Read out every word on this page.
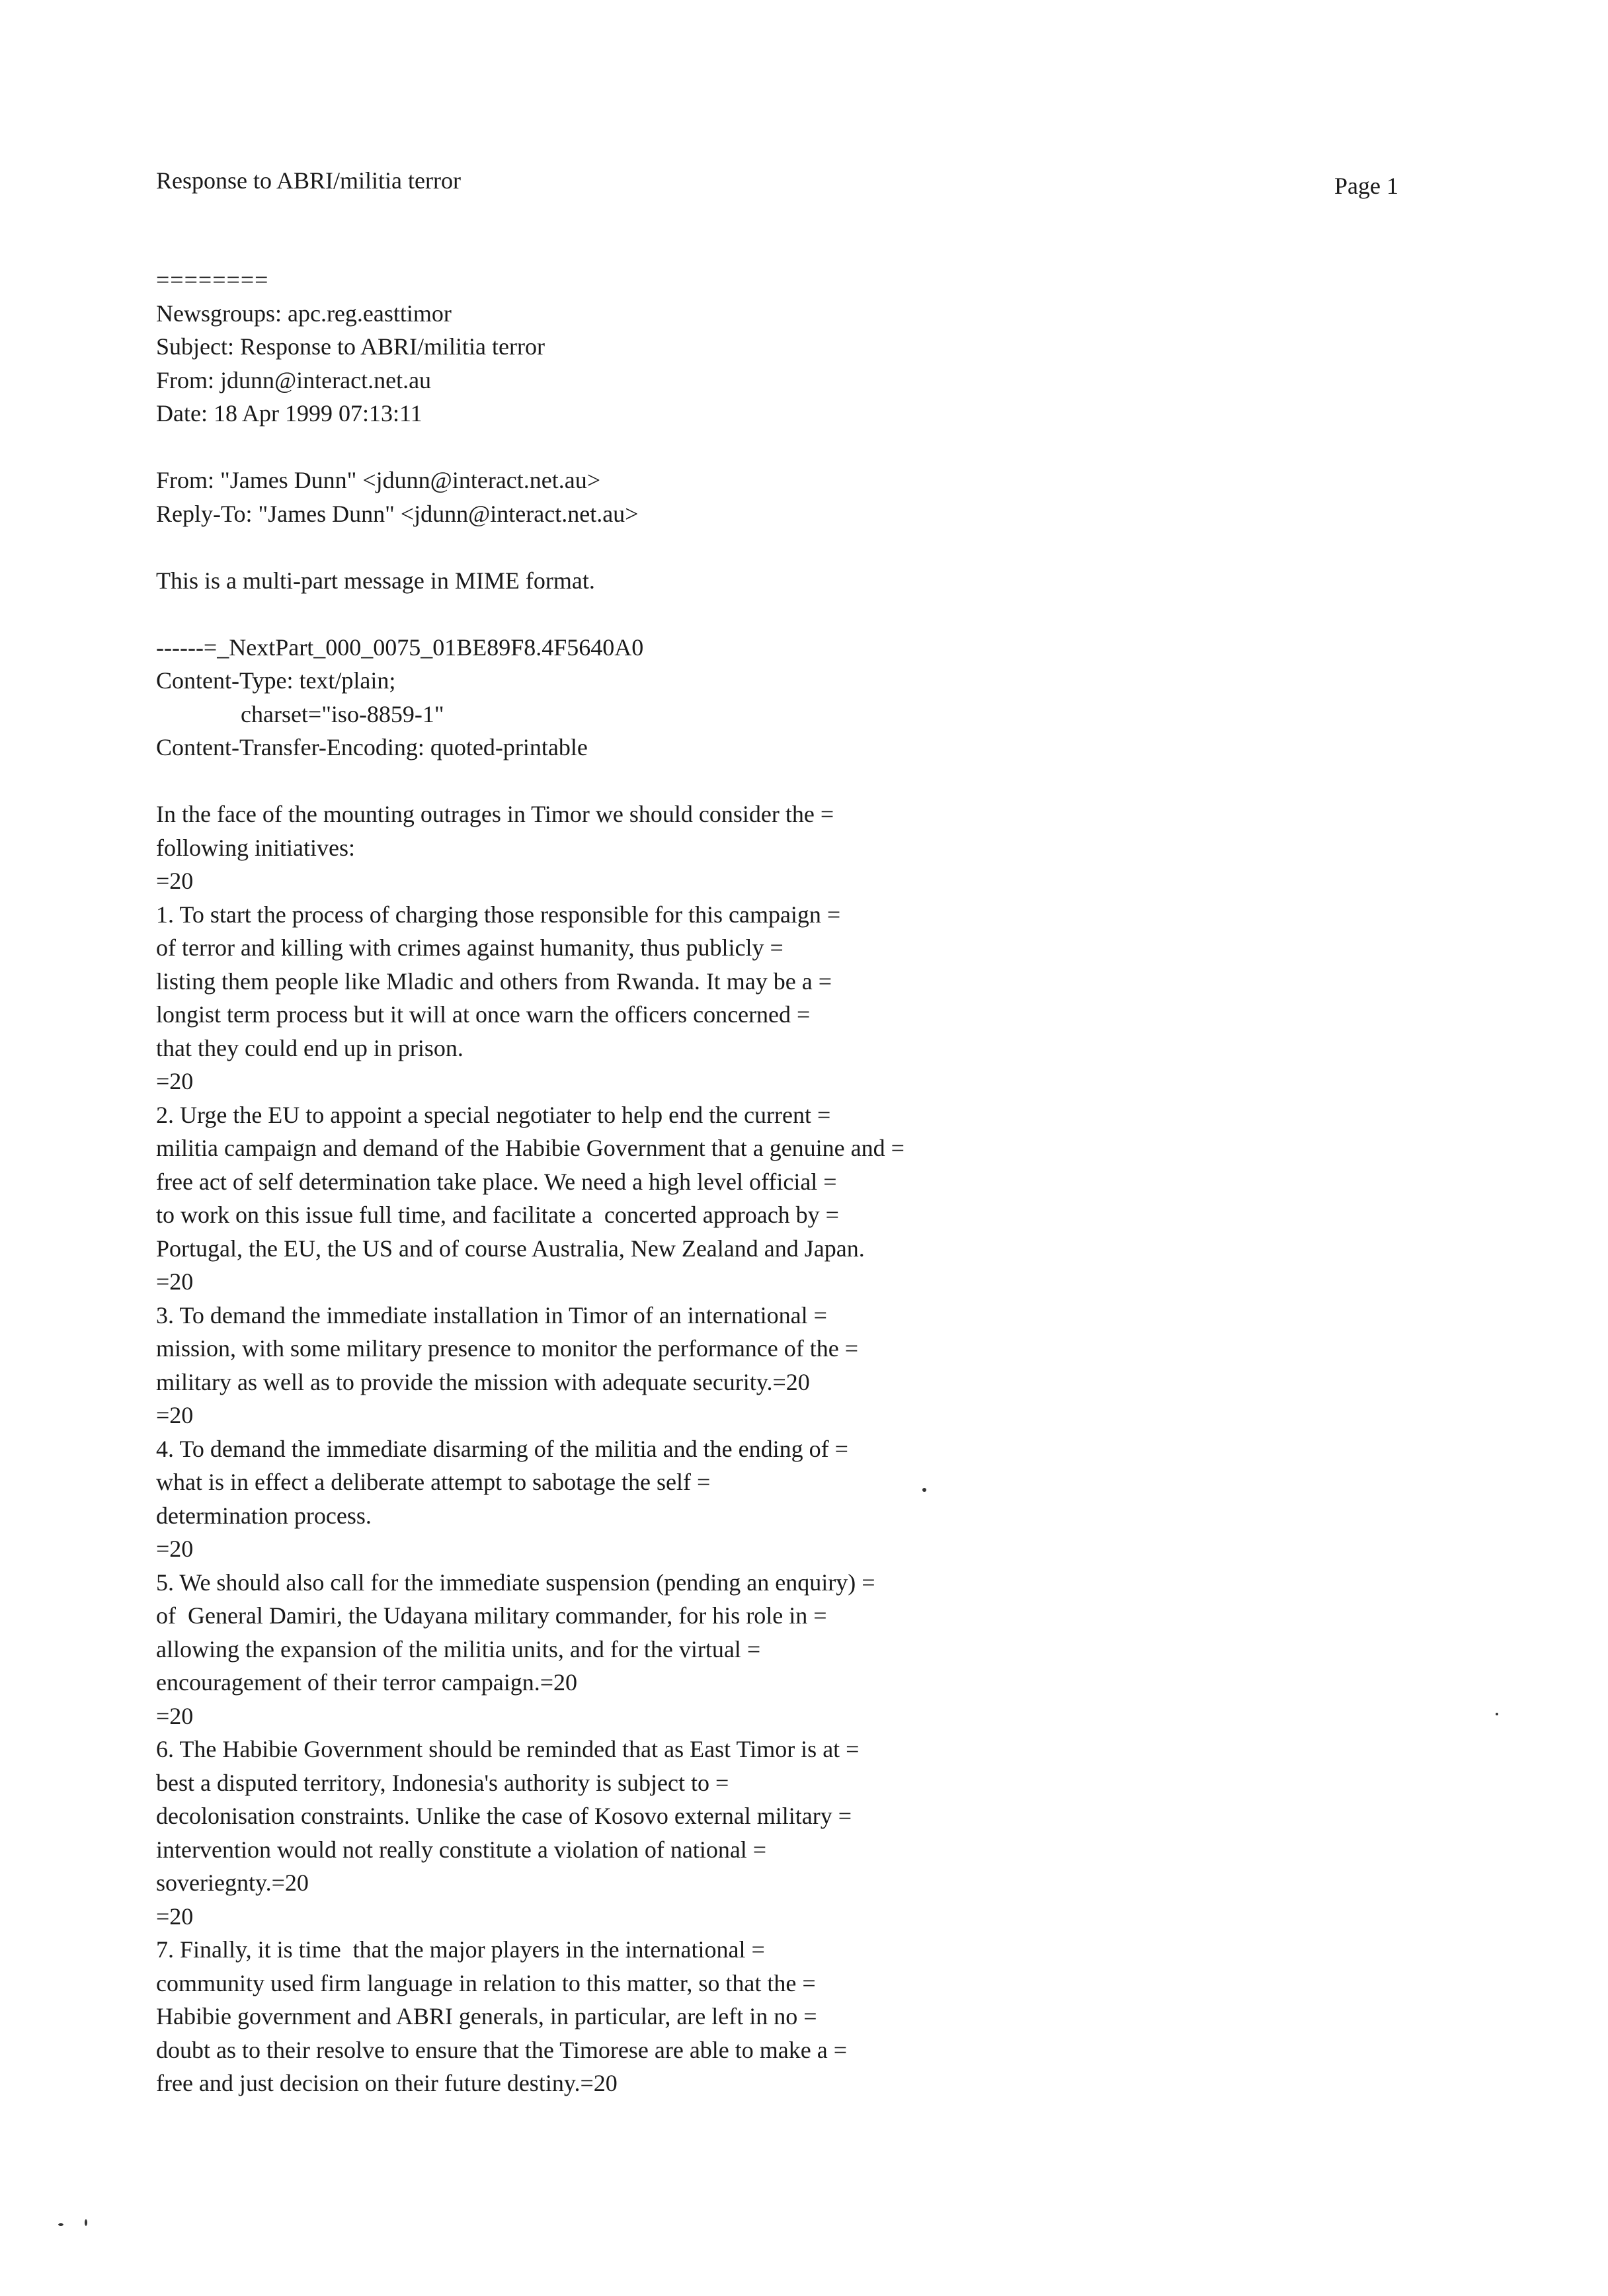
Response to ABRI/militia terror	Page 1
========
Newsgroups: apc.reg.easttimor
Subject: Response to ABRI/militia terror
From: jdunn@interact.net.au
Date: 18 Apr 1999 07:13:11
From: "James Dunn" <jdunn@interact.net.au>
Reply-To: "James Dunn" <jdunn@interact.net.au>
This is a multi-part message in MIME format.
------=_NextPart_000_0075_01BE89F8.4F5640A0
Content-Type: text/plain;
charset="iso-8859-1"
Content-Transfer-Encoding: quoted-printable
In the face of the mounting outrages in Timor we should consider the =
following initiatives:
=20
1. To start the process of charging those responsible for this campaign =
of terror and killing with crimes against humanity, thus publicly =
listing them people like Mladic and others from Rwanda. It may be a =
longist term process but it will at once warn the officers concerned =
that they could end up in prison.
=20
2. Urge the EU to appoint a special negotiater to help end the current =
militia campaign and demand of the Habibie Government that a genuine and =
free act of self determination take place. We need a high level official =
to work on this issue full time, and facilitate a  concerted approach by =
Portugal, the EU, the US and of course Australia, New Zealand and Japan.
=20
3. To demand the immediate installation in Timor of an international =
mission, with some military presence to monitor the performance of the =
military as well as to provide the mission with adequate security.=20
=20
4. To demand the immediate disarming of the militia and the ending of =
what is in effect a deliberate attempt to sabotage the self =
determination process.
=20
5. We should also call for the immediate suspension (pending an enquiry) =
of  General Damiri, the Udayana military commander, for his role in =
allowing the expansion of the militia units, and for the virtual =
encouragement of their terror campaign.=20
=20
6. The Habibie Government should be reminded that as East Timor is at =
best a disputed territory, Indonesia's authority is subject to =
decolonisation constraints. Unlike the case of Kosovo external military =
intervention would not really constitute a violation of national =
soveriegnty.=20
=20
7. Finally, it is time  that the major players in the international =
community used firm language in relation to this matter, so that the =
Habibie government and ABRI generals, in particular, are left in no =
doubt as to their resolve to ensure that the Timorese are able to make a =
free and just decision on their future destiny.=20
